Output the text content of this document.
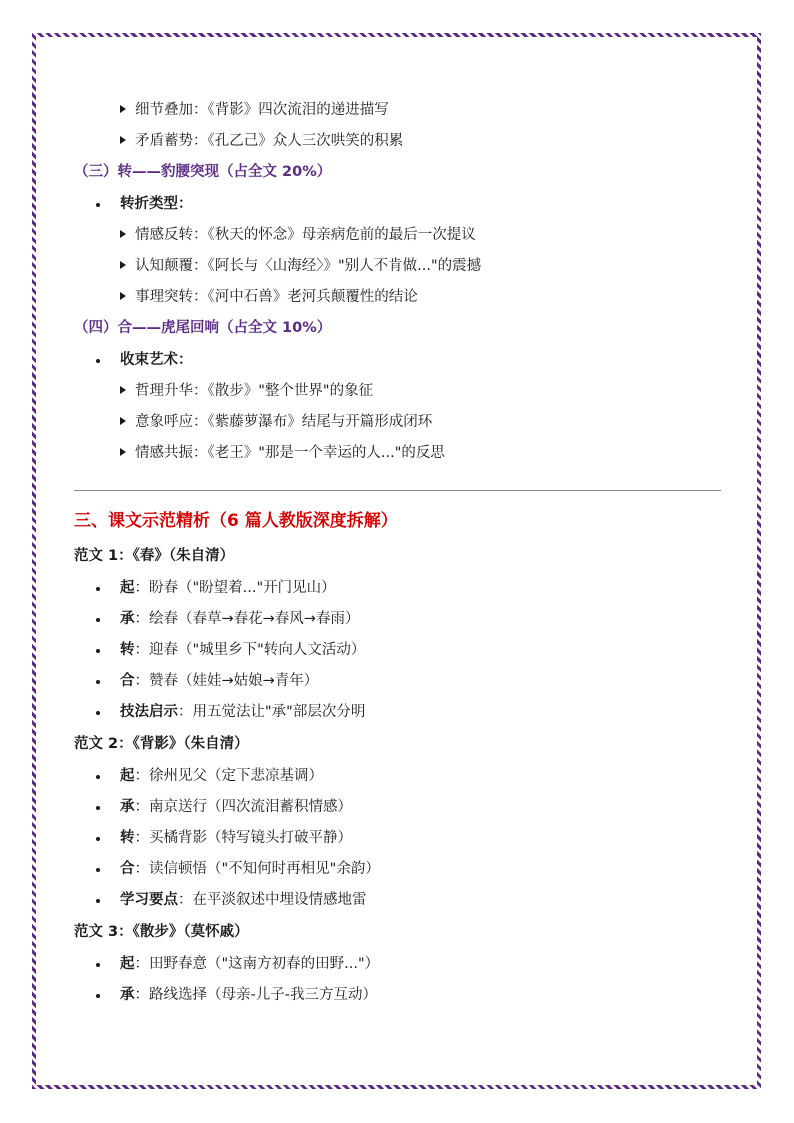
细节叠加：《背影》四次流泪的递进描写
矛盾蓄势：《孔乙己》众人三次哄笑的积累
（三）转——豹腰突现（占全文 20%）
转折类型：
情感反转：《秋天的怀念》母亲病危前的最后一次提议
认知颠覆：《阿长与〈山海经〉》"别人不肯做..."的震撼
事理突转：《河中石兽》老河兵颠覆性的结论
（四）合——虎尾回响（占全文 10%）
收束艺术：
哲理升华：《散步》"整个世界"的象征
意象呼应：《紫藤萝瀑布》结尾与开篇形成闭环
情感共振：《老王》"那是一个幸运的人..."的反思
三、课文示范精析（6 篇人教版深度拆解）
范文 1：《春》（朱自清）
起：盼春（"盼望着..."开门见山）
承：绘春（春草→春花→春风→春雨）
转：迎春（"城里乡下"转向人文活动）
合：赞春（娃娃→姑娘→青年）
技法启示：用五觉法让"承"部层次分明
范文 2：《背影》（朱自清）
起：徐州见父（定下悲凉基调）
承：南京送行（四次流泪蓄积情感）
转：买橘背影（特写镜头打破平静）
合：读信顿悟（"不知何时再相见"余韵）
学习要点：在平淡叙述中埋设情感地雷
范文 3：《散步》（莫怀戚）
起：田野春意（"这南方初春的田野..."）
承：路线选择（母亲-儿子-我三方互动）
